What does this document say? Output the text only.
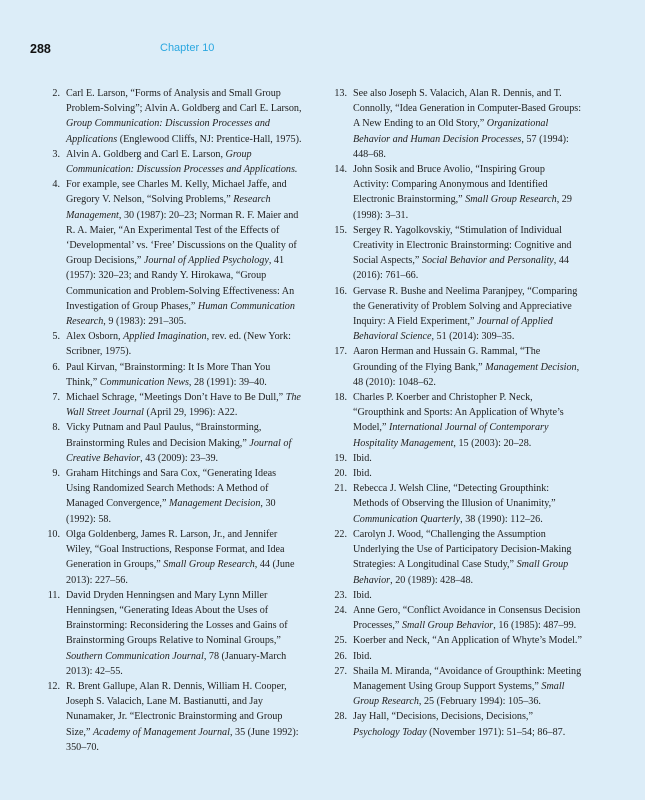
288	Chapter 10
2. Carl E. Larson, “Forms of Analysis and Small Group Problem-Solving”; Alvin A. Goldberg and Carl E. Larson, Group Communication: Discussion Processes and Applications (Englewood Cliffs, NJ: Prentice-Hall, 1975).
3. Alvin A. Goldberg and Carl E. Larson, Group Communication: Discussion Processes and Applications.
4. For example, see Charles M. Kelly, Michael Jaffe, and Gregory V. Nelson, “Solving Problems,” Research Management, 30 (1987): 20–23; Norman R. F. Maier and R. A. Maier, “An Experimental Test of the Effects of ‘Developmental’ vs. ‘Free’ Discussions on the Quality of Group Decisions,” Journal of Applied Psychology, 41 (1957): 320–23; and Randy Y. Hirokawa, “Group Communication and Problem-Solving Effectiveness: An Investigation of Group Phases,” Human Communication Research, 9 (1983): 291–305.
5. Alex Osborn, Applied Imagination, rev. ed. (New York: Scribner, 1975).
6. Paul Kirvan, “Brainstorming: It Is More Than You Think,” Communication News, 28 (1991): 39–40.
7. Michael Schrage, “Meetings Don’t Have to Be Dull,” The Wall Street Journal (April 29, 1996): A22.
8. Vicky Putnam and Paul Paulus, “Brainstorming, Brainstorming Rules and Decision Making,” Journal of Creative Behavior, 43 (2009): 23–39.
9. Graham Hitchings and Sara Cox, “Generating Ideas Using Randomized Search Methods: A Method of Managed Convergence,” Management Decision, 30 (1992): 58.
10. Olga Goldenberg, James R. Larson, Jr., and Jennifer Wiley, “Goal Instructions, Response Format, and Idea Generation in Groups,” Small Group Research, 44 (June 2013): 227–56.
11. David Dryden Henningsen and Mary Lynn Miller Henningsen, “Generating Ideas About the Uses of Brainstorming: Reconsidering the Losses and Gains of Brainstorming Groups Relative to Nominal Groups,” Southern Communication Journal, 78 (January-March 2013): 42–55.
12. R. Brent Gallupe, Alan R. Dennis, William H. Cooper, Joseph S. Valacich, Lane M. Bastianutti, and Jay Nunamaker, Jr. “Electronic Brainstorming and Group Size,” Academy of Management Journal, 35 (June 1992): 350–70.
13. See also Joseph S. Valacich, Alan R. Dennis, and T. Connolly, “Idea Generation in Computer-Based Groups: A New Ending to an Old Story,” Organizational Behavior and Human Decision Processes, 57 (1994): 448–68.
14. John Sosik and Bruce Avolio, “Inspiring Group Activity: Comparing Anonymous and Identified Electronic Brainstorming,” Small Group Research, 29 (1998): 3–31.
15. Sergey R. Yagolkovskiy, “Stimulation of Individual Creativity in Electronic Brainstorming: Cognitive and Social Aspects,” Social Behavior and Personality, 44 (2016): 761–66.
16. Gervase R. Bushe and Neelima Paranjpey, “Comparing the Generativity of Problem Solving and Appreciative Inquiry: A Field Experiment,” Journal of Applied Behavioral Science, 51 (2014): 309–35.
17. Aaron Herman and Hussain G. Rammal, “The Grounding of the Flying Bank,” Management Decision, 48 (2010): 1048–62.
18. Charles P. Koerber and Christopher P. Neck, “Groupthink and Sports: An Application of Whyte’s Model,” International Journal of Contemporary Hospitality Management, 15 (2003): 20–28.
19. Ibid.
20. Ibid.
21. Rebecca J. Welsh Cline, “Detecting Groupthink: Methods of Observing the Illusion of Unanimity,” Communication Quarterly, 38 (1990): 112–26.
22. Carolyn J. Wood, “Challenging the Assumption Underlying the Use of Participatory Decision-Making Strategies: A Longitudinal Case Study,” Small Group Behavior, 20 (1989): 428–48.
23. Ibid.
24. Anne Gero, “Conflict Avoidance in Consensus Decision Processes,” Small Group Behavior, 16 (1985): 487–99.
25. Koerber and Neck, “An Application of Whyte’s Model.”
26. Ibid.
27. Shaila M. Miranda, “Avoidance of Groupthink: Meeting Management Using Group Support Systems,” Small Group Research, 25 (February 1994): 105–36.
28. Jay Hall, “Decisions, Decisions, Decisions,” Psychology Today (November 1971): 51–54; 86–87.
